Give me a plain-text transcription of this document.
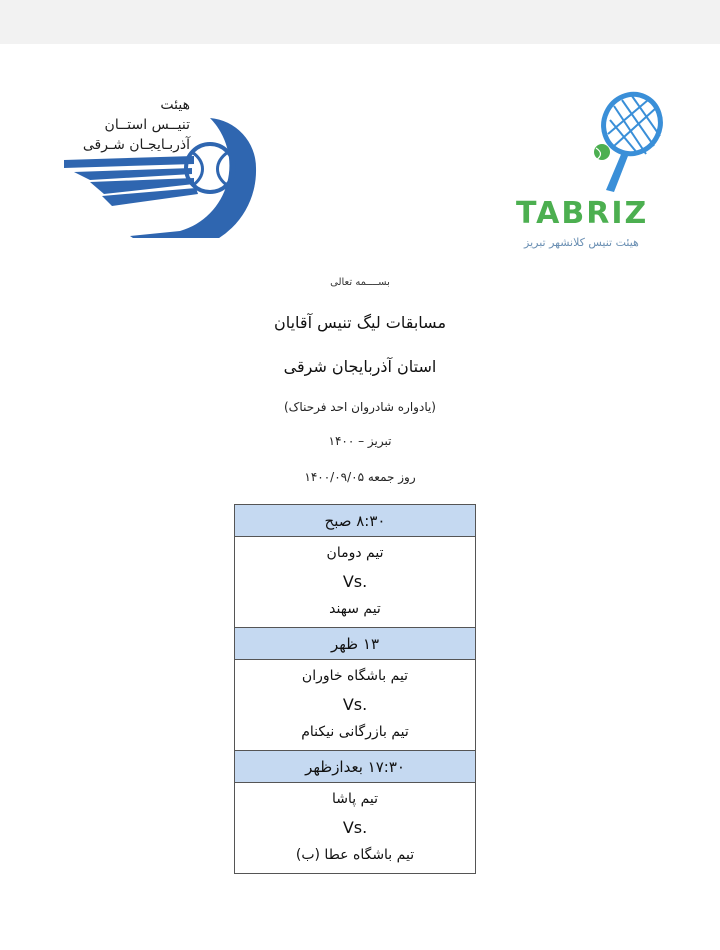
هیئت
تنیــس استــان
آذربـایجـان شـرقی
TABRIZ
هیئت تنیس کلانشهر تبریز
بســــمه تعالی
مسابقات لیگ تنیس آقایان
استان آذربایجان شرقی
(یادواره شادروان احد فرحناک)
تبریز – ۱۴۰۰
روز جمعه ۱۴۰۰/۰۹/۰۵
۸:۳۰ صبح
تیم دومان
Vs.
تیم سهند
۱۳ ظهر
تیم باشگاه خاوران
Vs.
تیم بازرگانی نیکنام
۱۷:۳۰ بعدازظهر
تیم پاشا
Vs.
تیم باشگاه عطا (ب)
